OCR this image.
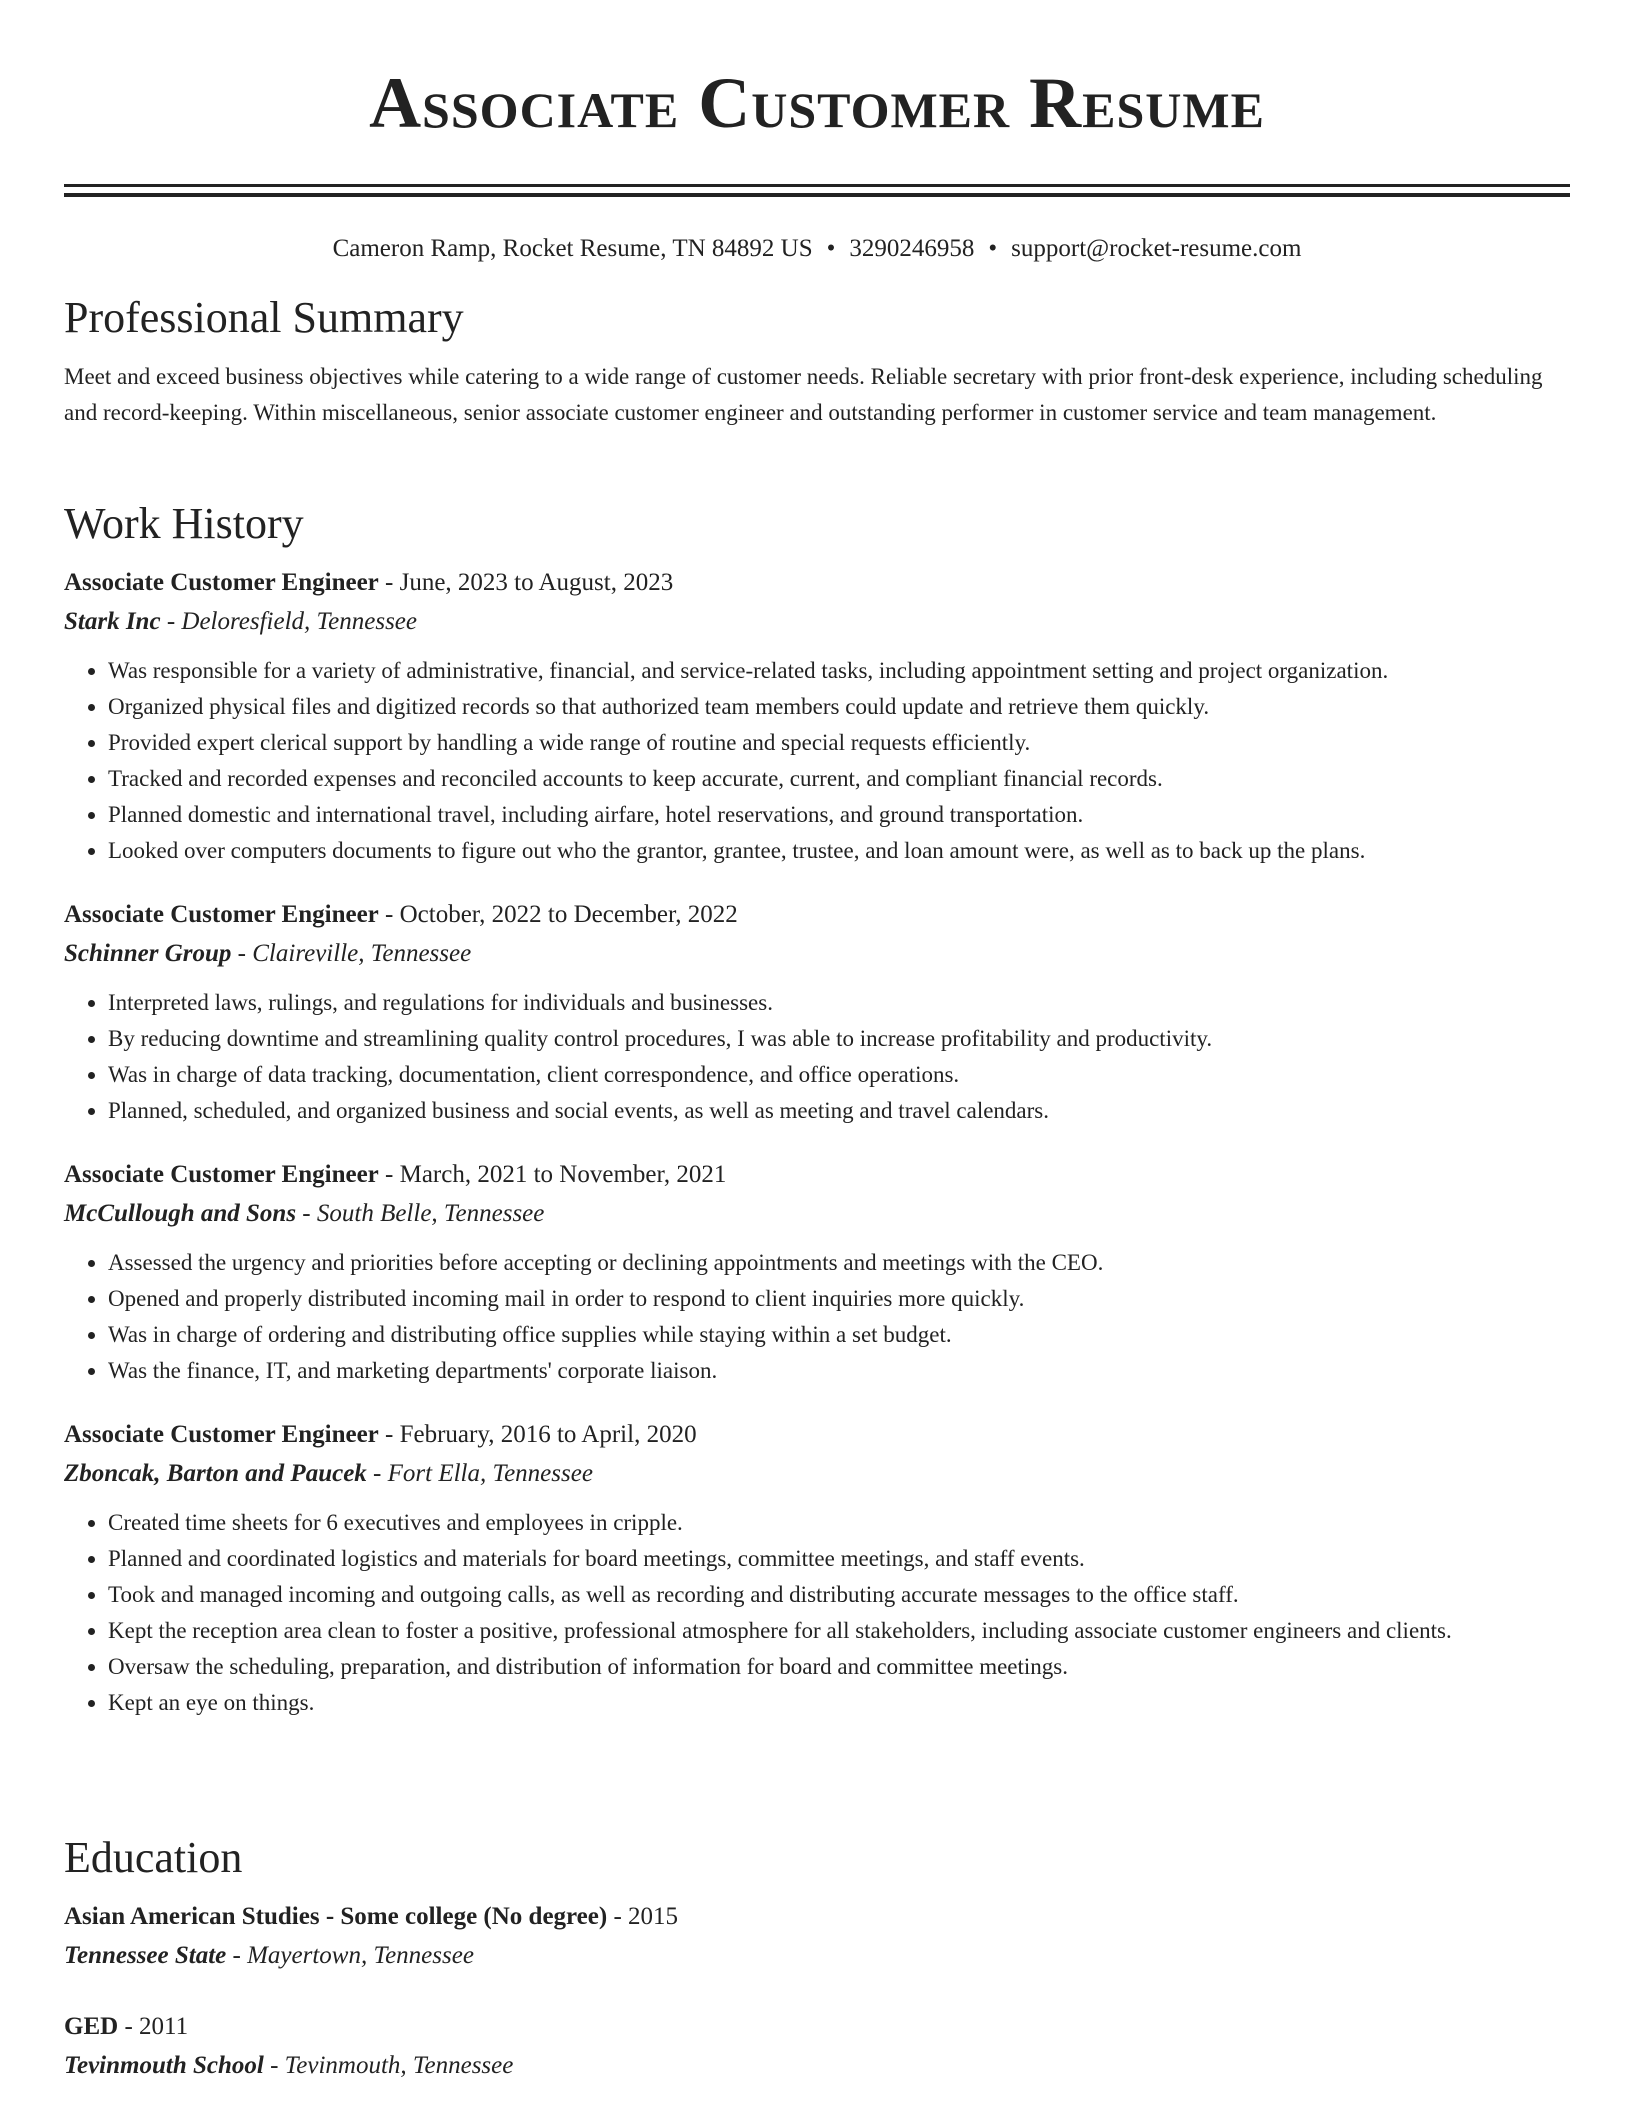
Associate Customer Resume
Cameron Ramp, Rocket Resume, TN 84892 US • 3290246958 • support@rocket-resume.com
Professional Summary

Meet and exceed business objectives while catering to a wide range of customer needs. Reliable secretary with prior front-desk experience, including scheduling and record-keeping. Within miscellaneous, senior associate customer engineer and outstanding performer in customer service and team management.

Work History
Associate Customer Engineer - June, 2023 to August, 2023
Stark Inc - Deloresfield, Tennessee
• Was responsible for a variety of administrative, financial, and service-related tasks, including appointment setting and project organization.
• Organized physical files and digitized records so that authorized team members could update and retrieve them quickly.
• Provided expert clerical support by handling a wide range of routine and special requests efficiently.
• Tracked and recorded expenses and reconciled accounts to keep accurate, current, and compliant financial records.
• Planned domestic and international travel, including airfare, hotel reservations, and ground transportation.
• Looked over computers documents to figure out who the grantor, grantee, trustee, and loan amount were, as well as to back up the plans.
Associate Customer Engineer - October, 2022 to December, 2022
Schinner Group - Claireville, Tennessee
• Interpreted laws, rulings, and regulations for individuals and businesses.
• By reducing downtime and streamlining quality control procedures, I was able to increase profitability and productivity.
• Was in charge of data tracking, documentation, client correspondence, and office operations.
• Planned, scheduled, and organized business and social events, as well as meeting and travel calendars.
Associate Customer Engineer - March, 2021 to November, 2021
McCullough and Sons - South Belle, Tennessee
• Assessed the urgency and priorities before accepting or declining appointments and meetings with the CEO.
• Opened and properly distributed incoming mail in order to respond to client inquiries more quickly.
• Was in charge of ordering and distributing office supplies while staying within a set budget.
• Was the finance, IT, and marketing departments' corporate liaison.
Associate Customer Engineer - February, 2016 to April, 2020
Zboncak, Barton and Paucek - Fort Ella, Tennessee
• Created time sheets for 6 executives and employees in cripple.
• Planned and coordinated logistics and materials for board meetings, committee meetings, and staff events.
• Took and managed incoming and outgoing calls, as well as recording and distributing accurate messages to the office staff.
• Kept the reception area clean to foster a positive, professional atmosphere for all stakeholders, including associate customer engineers and clients.
• Oversaw the scheduling, preparation, and distribution of information for board and committee meetings.
• Kept an eye on things.
Education
Asian American Studies - Some college (No degree) - 2015
Tennessee State - Mayertown, Tennessee
GED - 2011
Tevinmouth School - Tevinmouth, Tennessee
